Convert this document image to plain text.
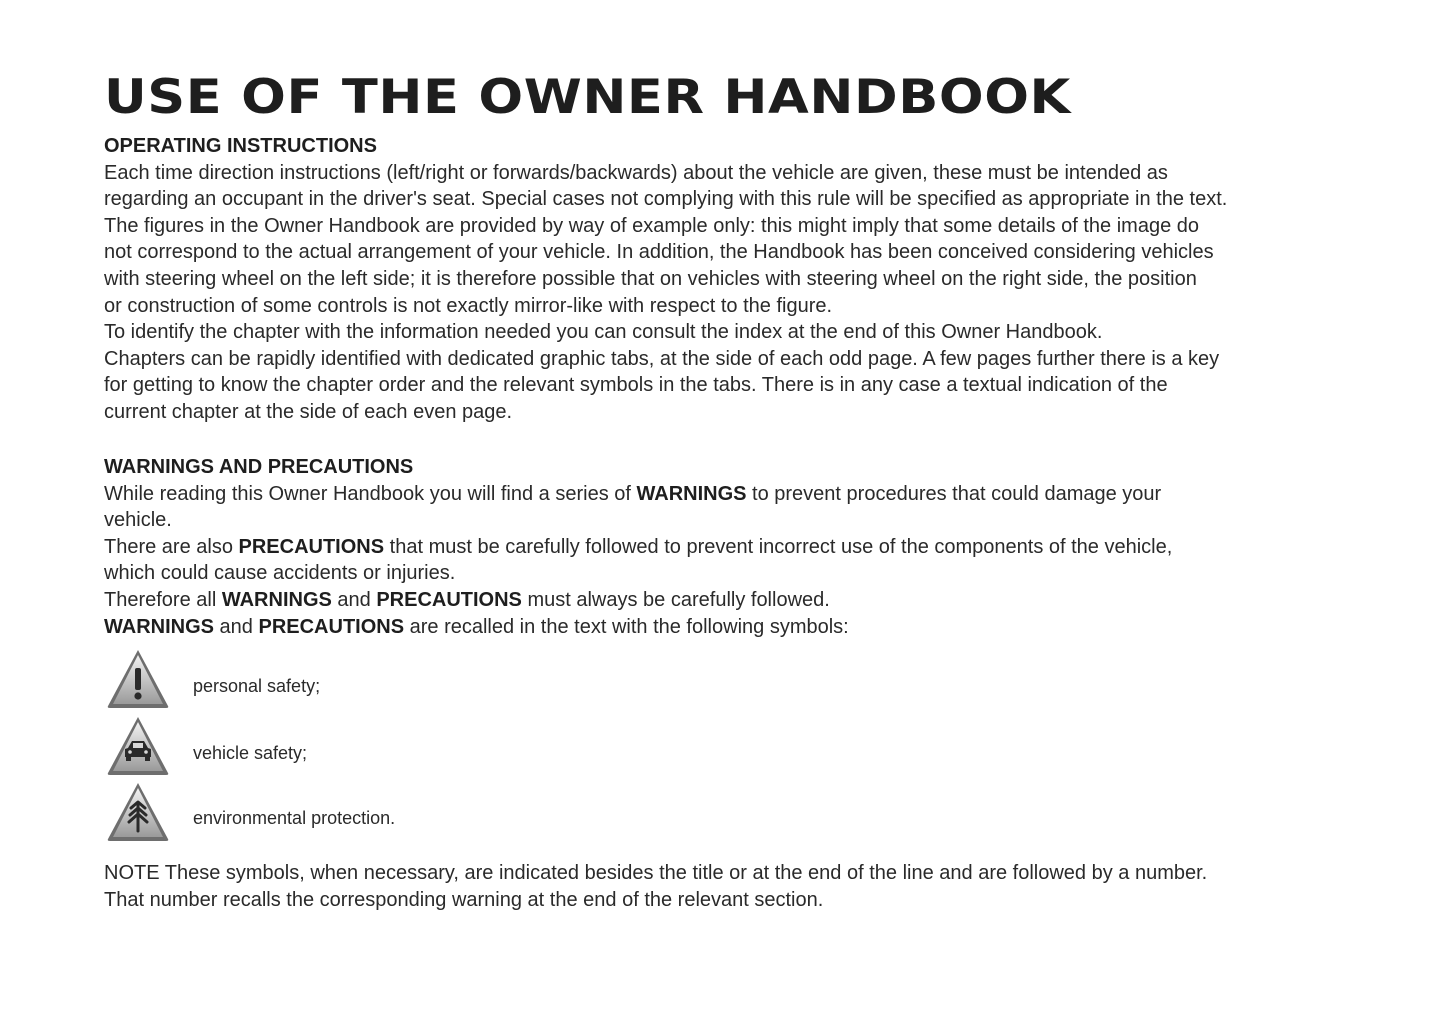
USE OF THE OWNER HANDBOOK
OPERATING INSTRUCTIONS

Each time direction instructions (left/right or forwards/backwards) about the vehicle are given, these must be intended as

regarding an occupant in the driver's seat. Special cases not complying with this rule will be specified as appropriate in the text.

The figures in the Owner Handbook are provided by way of example only: this might imply that some details of the image do

not correspond to the actual arrangement of your vehicle. In addition, the Handbook has been conceived considering vehicles

with steering wheel on the left side; it is therefore possible that on vehicles with steering wheel on the right side, the position

or construction of some controls is not exactly mirror-like with respect to the figure.

To identify the chapter with the information needed you can consult the index at the end of this Owner Handbook.

Chapters can be rapidly identified with dedicated graphic tabs, at the side of each odd page. A few pages further there is a key

for getting to know the chapter order and the relevant symbols in the tabs. There is in any case a textual indication of the

current chapter at the side of each even page.

WARNINGS AND PRECAUTIONS

While reading this Owner Handbook you will find a series of WARNINGS to prevent procedures that could damage your

vehicle.

There are also PRECAUTIONS that must be carefully followed to prevent incorrect use of the components of the vehicle,

which could cause accidents or injuries.

Therefore all WARNINGS and PRECAUTIONS must always be carefully followed.

WARNINGS and PRECAUTIONS are recalled in the text with the following symbols:

personal safety;
vehicle safety;
environmental protection.

NOTE These symbols, when necessary, are indicated besides the title or at the end of the line and are followed by a number.

That number recalls the corresponding warning at the end of the relevant section.
